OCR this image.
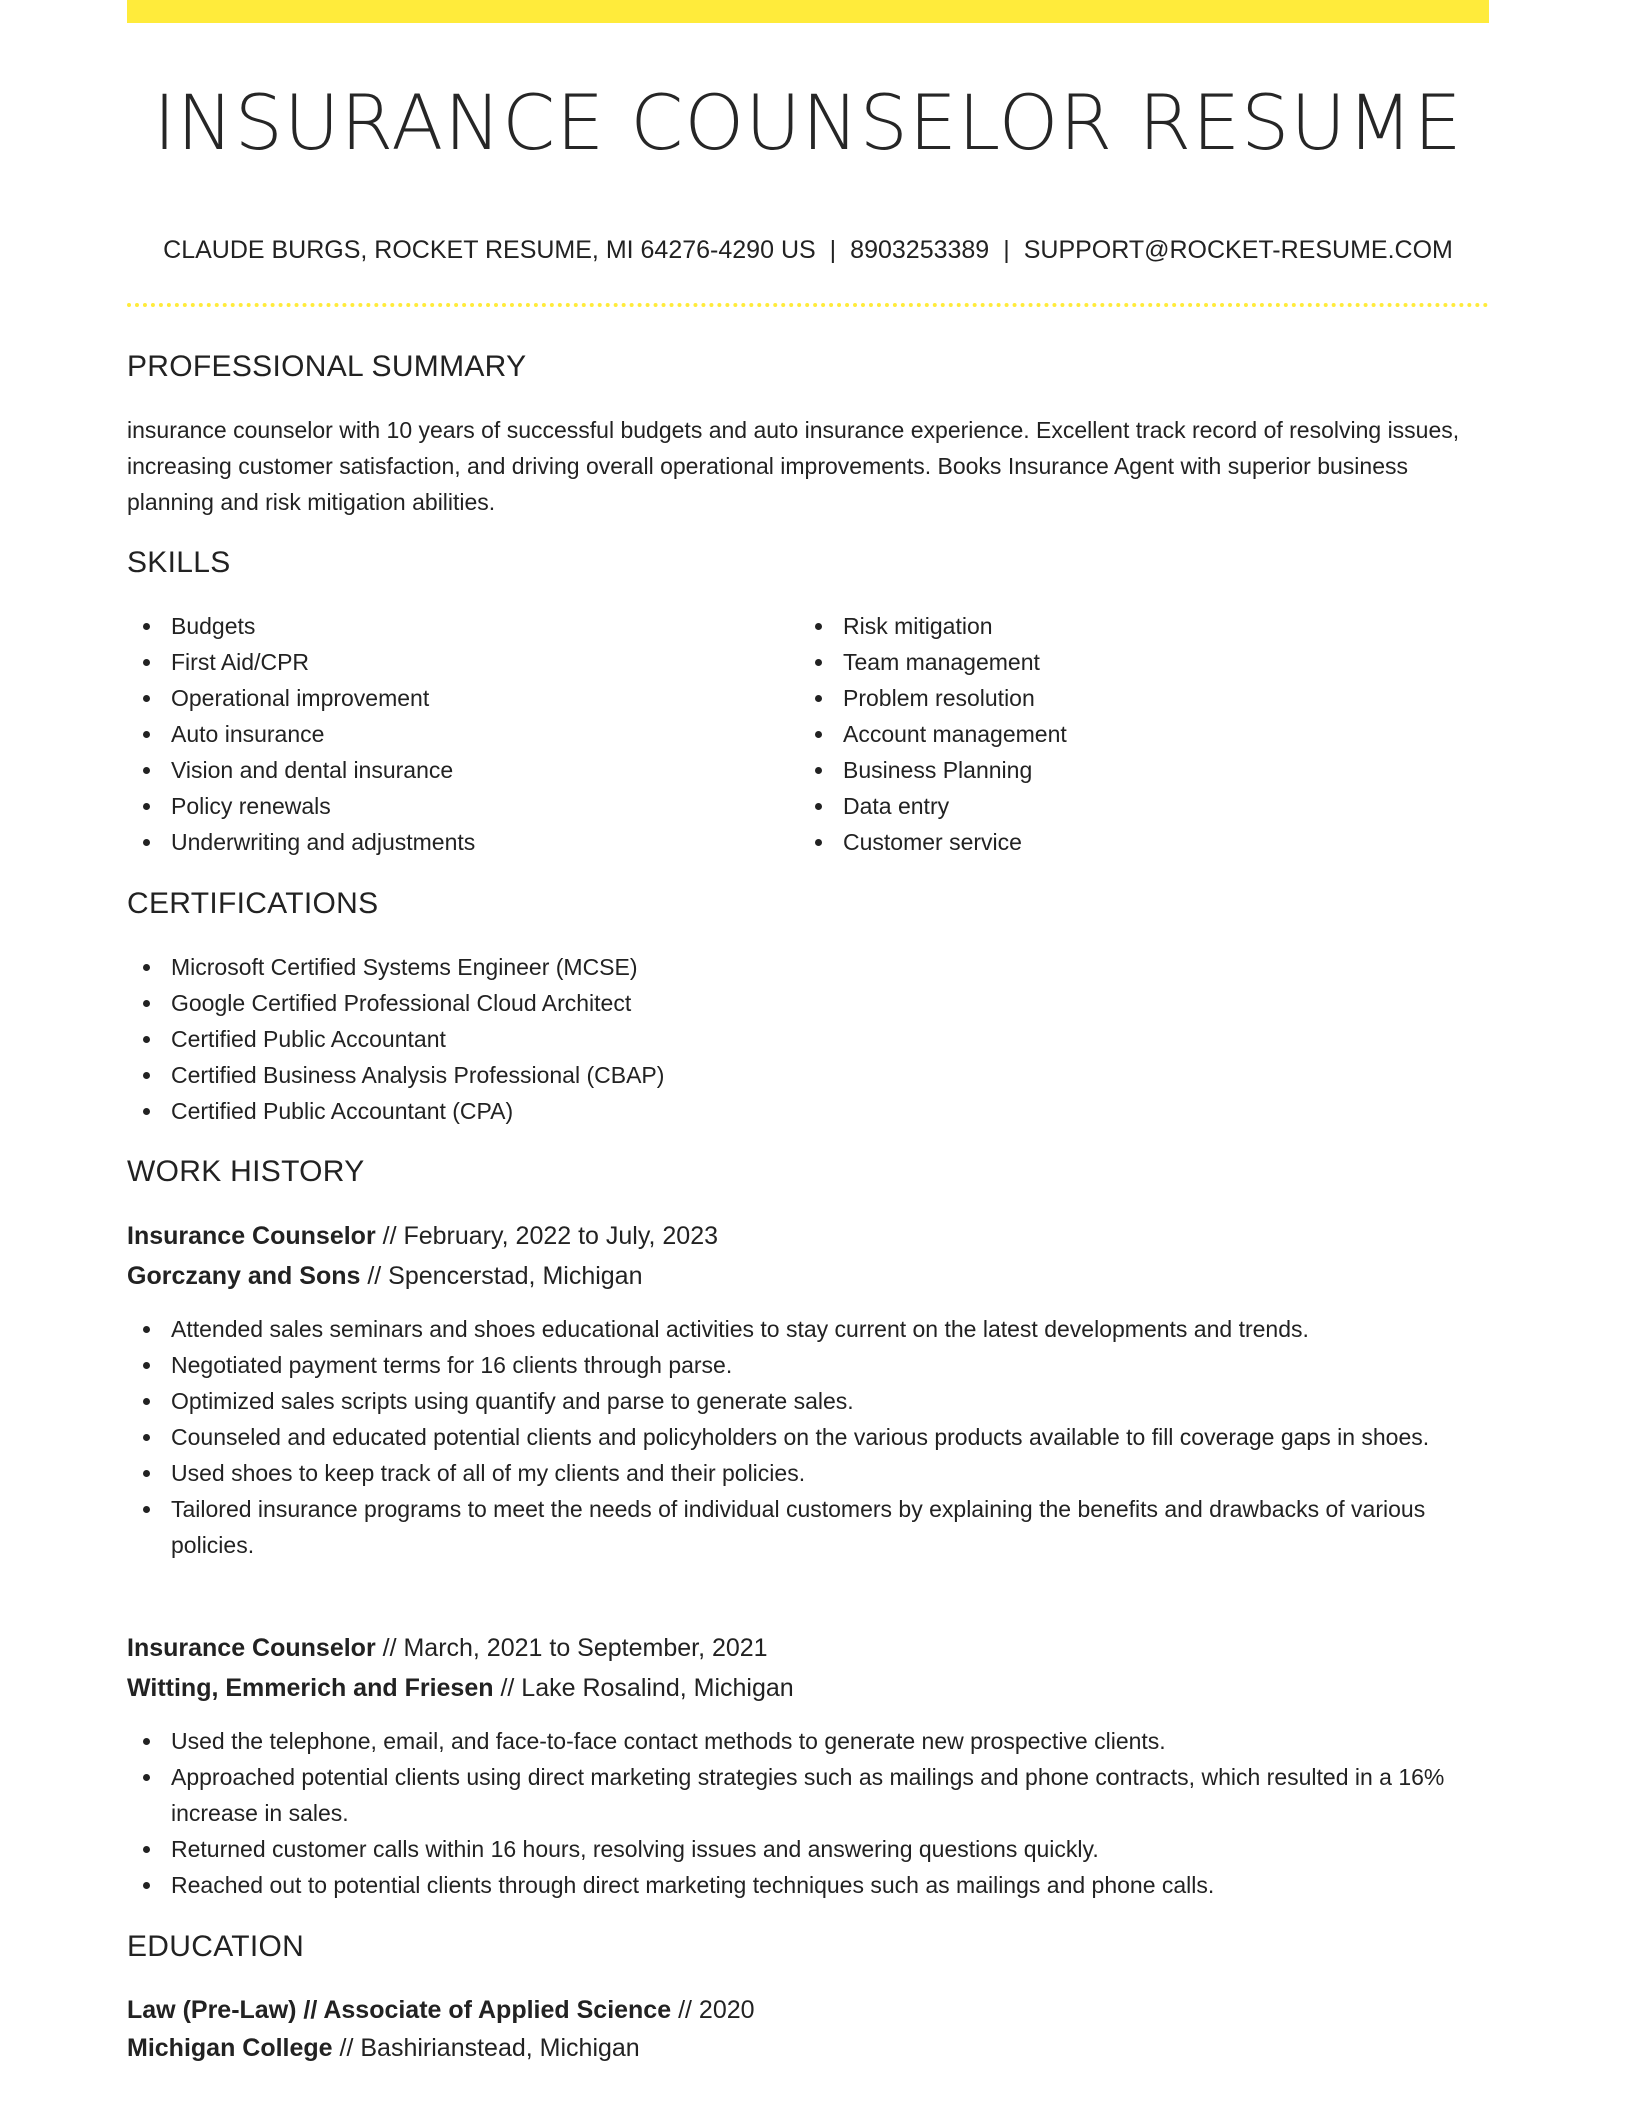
INSURANCE COUNSELOR RESUME
CLAUDE BURGS, ROCKET RESUME, MI 64276-4290 US | 8903253389 | SUPPORT@ROCKET-RESUME.COM
PROFESSIONAL SUMMARY

insurance counselor with 10 years of successful budgets and auto insurance experience. Excellent track record of resolving issues, increasing customer satisfaction, and driving overall operational improvements. Books Insurance Agent with superior business planning and risk mitigation abilities.

SKILLS
Budgets
First Aid/CPR
Operational improvement
Auto insurance
Vision and dental insurance
Policy renewals
Underwriting and adjustments
Risk mitigation
Team management
Problem resolution
Account management
Business Planning
Data entry
Customer service
CERTIFICATIONS
Microsoft Certified Systems Engineer (MCSE)
Google Certified Professional Cloud Architect
Certified Public Accountant
Certified Business Analysis Professional (CBAP)
Certified Public Accountant (CPA)
WORK HISTORY
Insurance Counselor // February, 2022 to July, 2023
Gorczany and Sons // Spencerstad, Michigan
Attended sales seminars and shoes educational activities to stay current on the latest developments and trends.
Negotiated payment terms for 16 clients through parse.
Optimized sales scripts using quantify and parse to generate sales.
Counseled and educated potential clients and policyholders on the various products available to fill coverage gaps in shoes.
Used shoes to keep track of all of my clients and their policies.
Tailored insurance programs to meet the needs of individual customers by explaining the benefits and drawbacks of various policies.
Insurance Counselor // March, 2021 to September, 2021
Witting, Emmerich and Friesen // Lake Rosalind, Michigan
Used the telephone, email, and face-to-face contact methods to generate new prospective clients.
Approached potential clients using direct marketing strategies such as mailings and phone contracts, which resulted in a 16% increase in sales.
Returned customer calls within 16 hours, resolving issues and answering questions quickly.
Reached out to potential clients through direct marketing techniques such as mailings and phone calls.
EDUCATION
Law (Pre-Law) // Associate of Applied Science // 2020
Michigan College // Bashirianstead, Michigan
